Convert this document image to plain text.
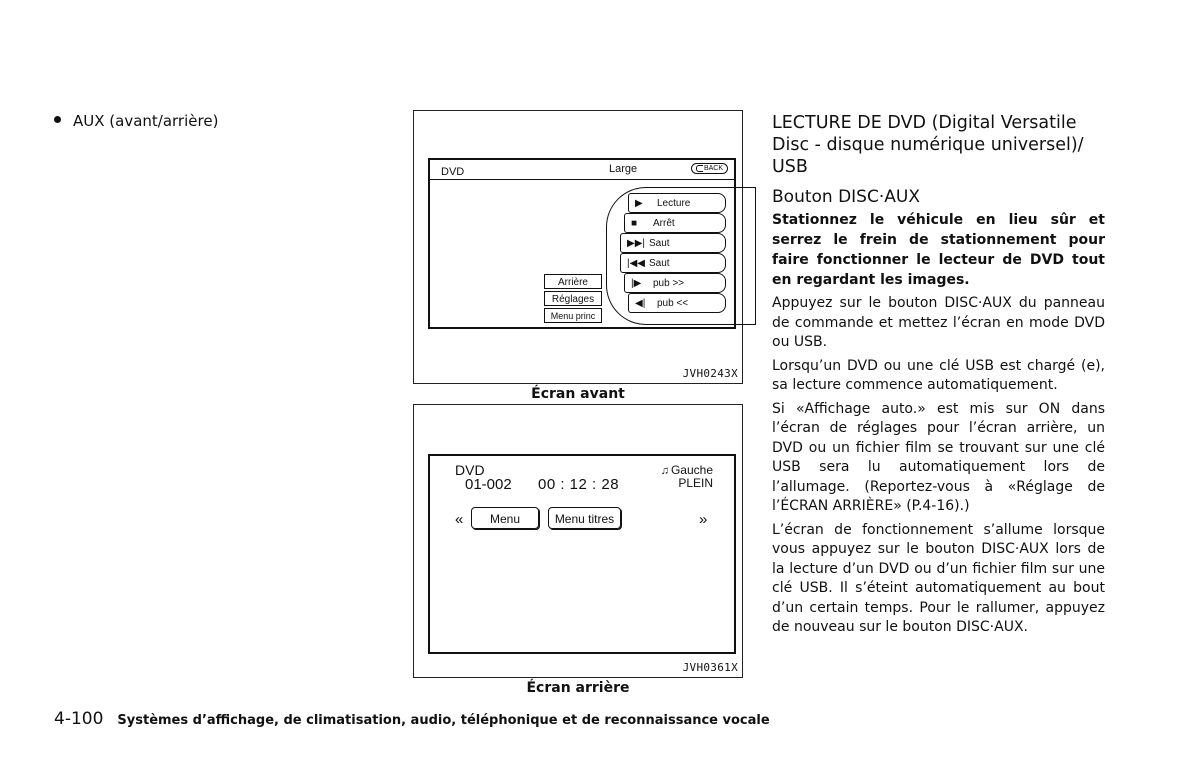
AUX (avant/arrière)
DVD	Large	BACK
▶	Lecture
■	Arrêt
▶▶| Saut
|◀◀ Saut
|▶	pub >>
◀|	pub <<
Arrière
Réglages
Menu princ
JVH0243X
Écran avant
DVD
01-002 00 : 12 : 28
♫ Gauche
PLEIN
«	Menu	Menu titres	»
JVH0361X
Écran arrière
LECTURE DE DVD (Digital Versatile Disc - disque numérique universel)/ USB
Bouton DISC·AUX

Stationnez le véhicule en lieu sûr et serrez le frein de stationnement pour faire fonctionner le lecteur de DVD tout en regardant les images.

Appuyez sur le bouton DISC·AUX du panneau de commande et mettez l’écran en mode DVD ou USB.

Lorsqu’un DVD ou une clé USB est chargé (e), sa lecture commence automatiquement.

Si «Affichage auto.» est mis sur ON dans l’écran de réglages pour l’écran arrière, un DVD ou un fichier film se trouvant sur une clé USB sera lu automatiquement lors de l’allumage. (Reportez-vous à «Réglage de l’ÉCRAN ARRIÈRE» (P.4-16).)

L’écran de fonctionnement s’allume lorsque vous appuyez sur le bouton DISC·AUX lors de la lecture d’un DVD ou d’un fichier film sur une clé USB. Il s’éteint automatiquement au bout d’un certain temps. Pour le rallumer, appuyez de nouveau sur le bouton DISC·AUX.

4-100 Systèmes d’affichage, de climatisation, audio, téléphonique et de reconnaissance vocale
